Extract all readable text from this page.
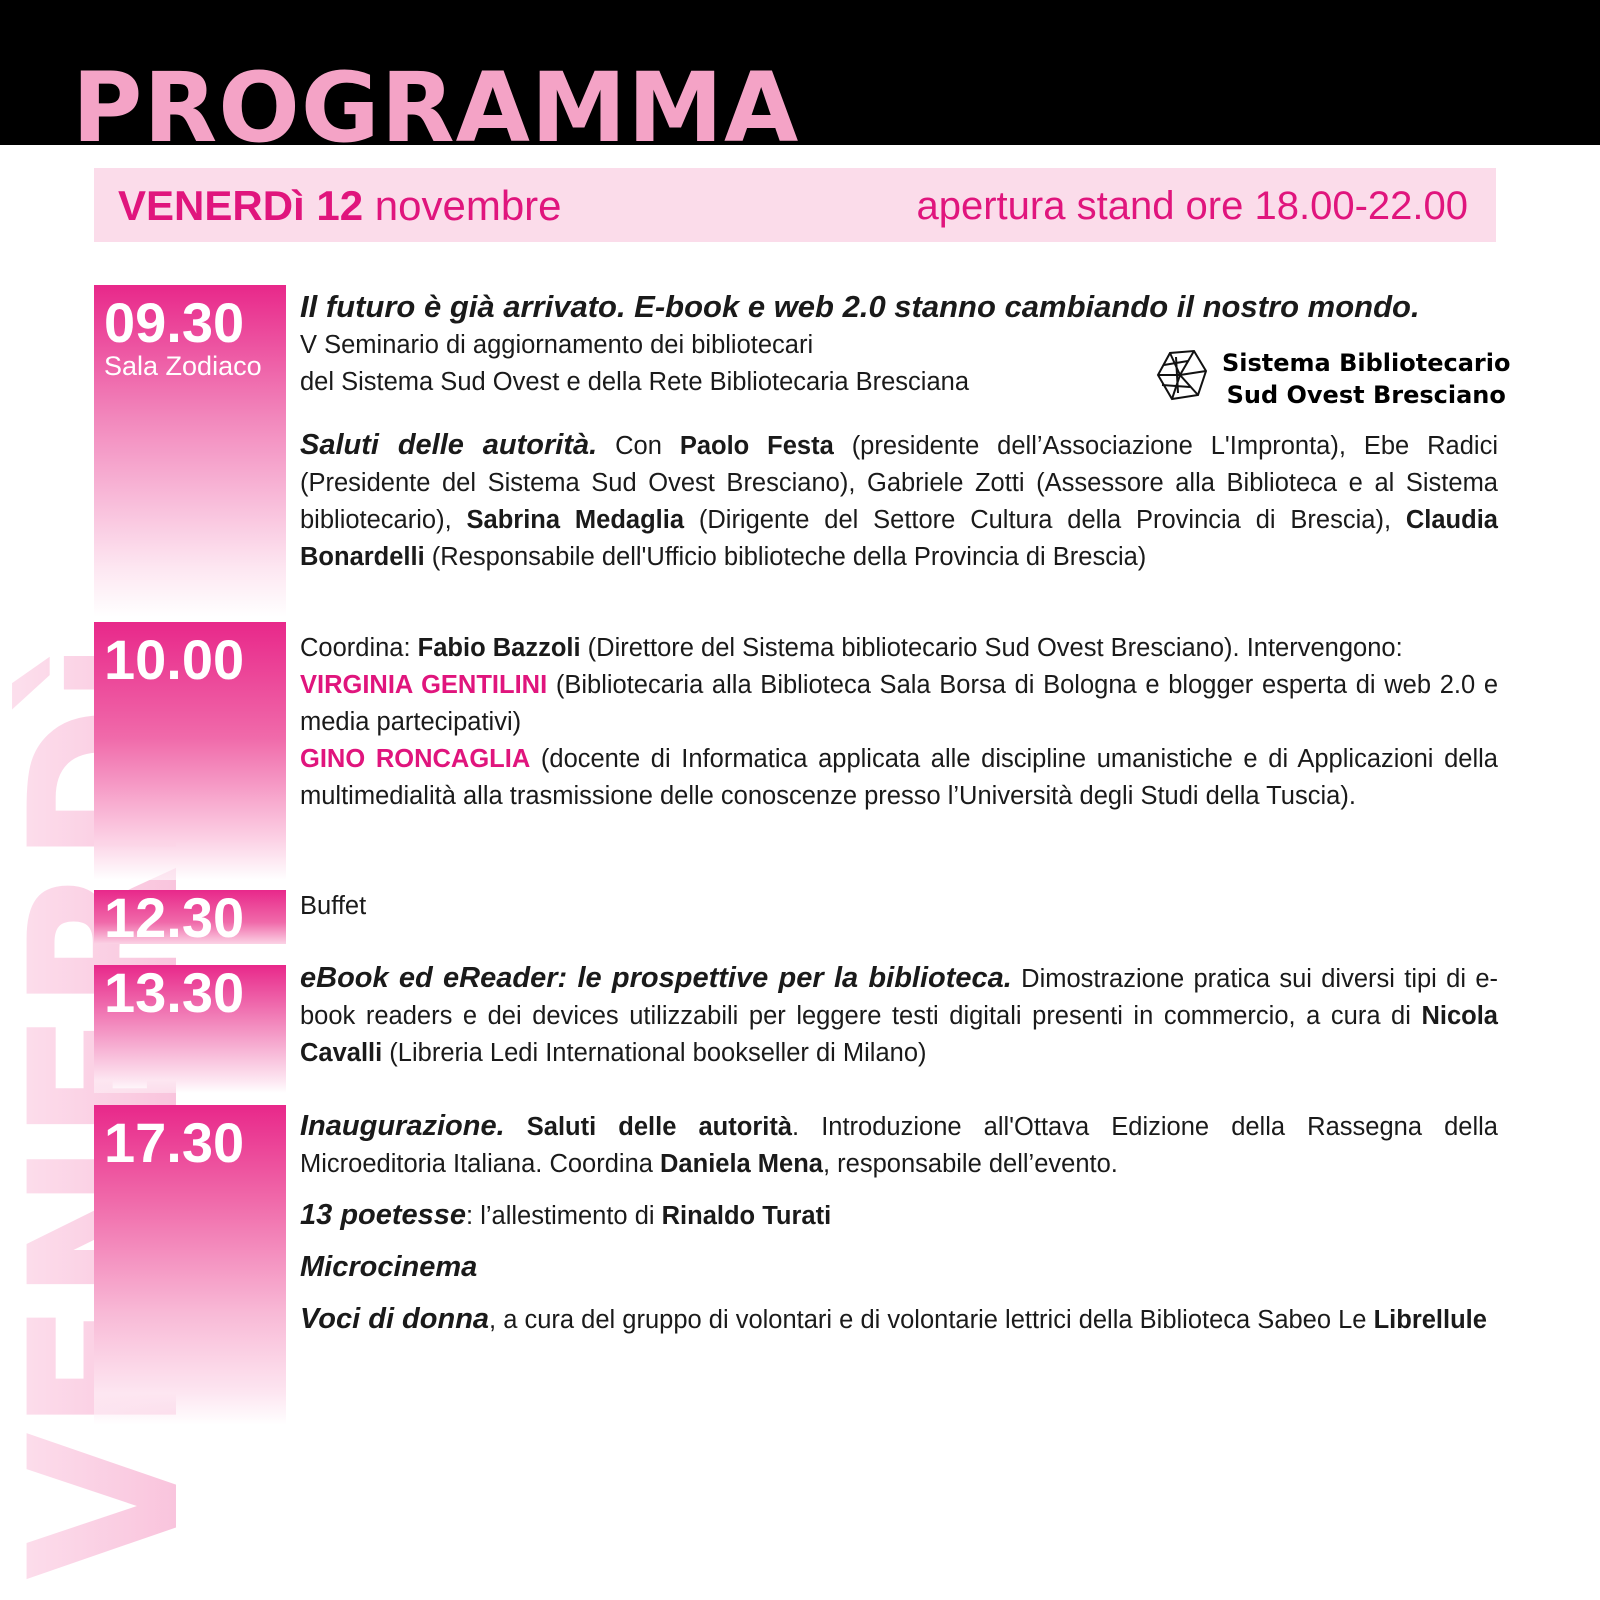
PROGRAMMA
VENERDì 12 novembre	apertura stand ore 18.00-22.00
09.30
Sala Zodiaco
Il futuro è già arrivato. E-book e web 2.0 stanno cambiando il nostro mondo.
V Seminario di aggiornamento dei bibliotecari
del Sistema Sud Ovest e della Rete Bibliotecaria Bresciana
Saluti delle autorità. Con Paolo Festa (presidente dell’Associazione L'Impronta), Ebe Radici (Presidente del Sistema Sud Ovest Bresciano), Gabriele Zotti (Assessore alla Biblioteca e al Sistema bibliotecario), Sabrina Medaglia (Dirigente del Settore Cultura della Provincia di Brescia), Claudia Bonardelli (Responsabile dell'Ufficio biblioteche della Provincia di Brescia)
Sistema Bibliotecario
Sud Ovest Bresciano
10.00 Coordina: Fabio Bazzoli (Direttore del Sistema bibliotecario Sud Ovest Bresciano). Intervengono:
VIRGINIA GENTILINI (Bibliotecaria alla Biblioteca Sala Borsa di Bologna e blogger esperta di web 2.0 e media partecipativi)
GINO RONCAGLIA (docente di Informatica applicata alle discipline umanistiche e di Applicazioni della multimedialità alla trasmissione delle conoscenze presso l’Università degli Studi della Tuscia).
12.30 Buffet
13.30 eBook ed eReader: le prospettive per la biblioteca. Dimostrazione pratica sui diversi tipi di e-book readers e dei devices utilizzabili per leggere testi digitali presenti in commercio, a cura di Nicola Cavalli (Libreria Ledi International bookseller di Milano)
17.30 Inaugurazione. Saluti delle autorità. Introduzione all'Ottava Edizione della Rassegna della Microeditoria Italiana. Coordina Daniela Mena, responsabile dell’evento.
13 poetesse: l’allestimento di Rinaldo Turati
Microcinema
Voci di donna, a cura del gruppo di volontari e di volontarie lettrici della Biblioteca Sabeo Le Librellule
